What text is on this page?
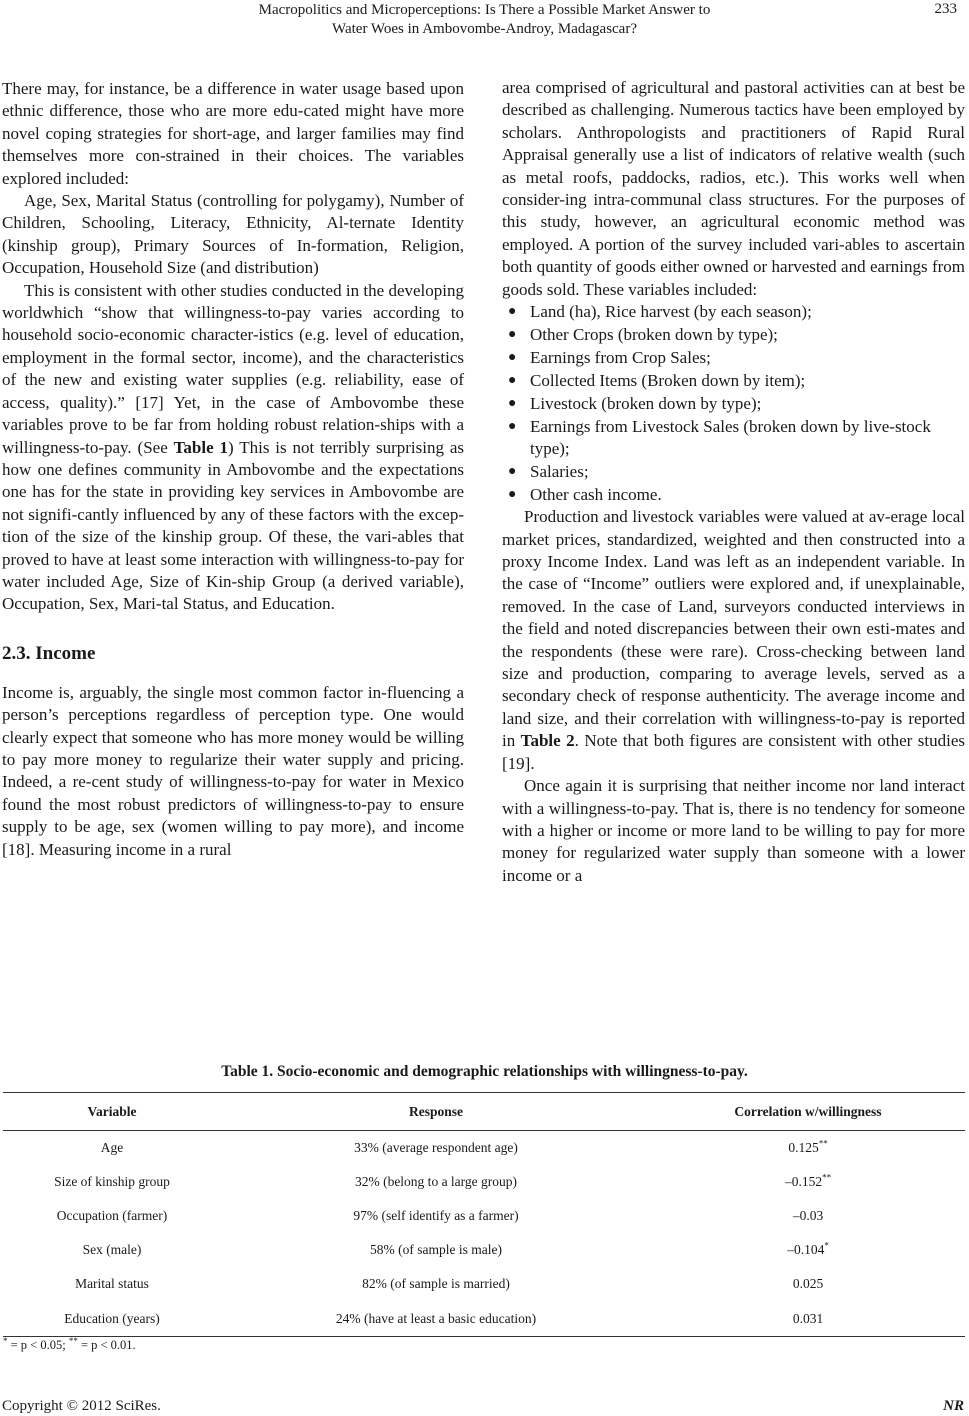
Macropolitics and Microperceptions: Is There a Possible Market Answer to
Water Woes in Ambovombe-Androy, Madagascar?
233

There may, for instance, be a difference in water usage based upon ethnic difference, those who are more edu-cated might have more novel coping strategies for short-age, and larger families may find themselves more con-strained in their choices. The variables explored included:

Age, Sex, Marital Status (controlling for polygamy), Number of Children, Schooling, Literacy, Ethnicity, Al-ternate Identity (kinship group), Primary Sources of In-formation, Religion, Occupation, Household Size (and distribution)

This is consistent with other studies conducted in the developing worldwhich “show that willingness-to-pay varies according to household socio-economic character-istics (e.g. level of education, employment in the formal sector, income), and the characteristics of the new and existing water supplies (e.g. reliability, ease of access, quality).” [17] Yet, in the case of Ambovombe these variables prove to be far from holding robust relation-ships with a willingness-to-pay. (See Table 1) This is not terribly surprising as how one defines community in Ambovombe and the expectations one has for the state in providing key services in Ambovombe are not signifi-cantly influenced by any of these factors with the excep-tion of the size of the kinship group. Of these, the vari-ables that proved to have at least some interaction with willingness-to-pay for water included Age, Size of Kin-ship Group (a derived variable), Occupation, Sex, Mari-tal Status, and Education.

2.3. Income

Income is, arguably, the single most common factor in-fluencing a person’s perceptions regardless of perception type. One would clearly expect that someone who has more money would be willing to pay more money to regularize their water supply and pricing. Indeed, a re-cent study of willingness-to-pay for water in Mexico found the most robust predictors of willingness-to-pay to ensure supply to be age, sex (women willing to pay more), and income [18]. Measuring income in a rural

area comprised of agricultural and pastoral activities can at best be described as challenging. Numerous tactics have been employed by scholars. Anthropologists and practitioners of Rapid Rural Appraisal generally use a list of indicators of relative wealth (such as metal roofs, paddocks, radios, etc.). This works well when consider-ing intra-communal class structures. For the purposes of this study, however, an agricultural economic method was employed. A portion of the survey included vari-ables to ascertain both quantity of goods either owned or harvested and earnings from goods sold. These variables included:

● Land (ha), Rice harvest (by each season);
● Other Crops (broken down by type);
● Earnings from Crop Sales;
● Collected Items (Broken down by item);
● Livestock (broken down by type);
● Earnings from Livestock Sales (broken down by live-stock type);
● Salaries;
● Other cash income.

Production and livestock variables were valued at av-erage local market prices, standardized, weighted and then constructed into a proxy Income Index. Land was left as an independent variable. In the case of “Income” outliers were explored and, if unexplainable, removed. In the case of Land, surveyors conducted interviews in the field and noted discrepancies between their own esti-mates and the respondents (these were rare). Cross-checking between land size and production, comparing to average levels, served as a secondary check of response authenticity. The average income and land size, and their correlation with willingness-to-pay is reported in Table 2. Note that both figures are consistent with other studies [19].

Once again it is surprising that neither income nor land interact with a willingness-to-pay. That is, there is no tendency for someone with a higher or income or more land to be willing to pay for more money for regularized water supply than someone with a lower income or a

Table 1. Socio-economic and demographic relationships with willingness-to-pay.
Variable	Response	Correlation w/willingness
Age	33% (average respondent age)	0.125**
Size of kinship group	32% (belong to a large group)	–0.152**
Occupation (farmer)	97% (self identify as a farmer)	–0.03
Sex (male)	58% (of sample is male)	–0.104*
Marital status	82% (of sample is married)	0.025
Education (years)	24% (have at least a basic education)	0.031
* = p < 0.05; ** = p < 0.01.
Copyright © 2012 SciRes.	NR
